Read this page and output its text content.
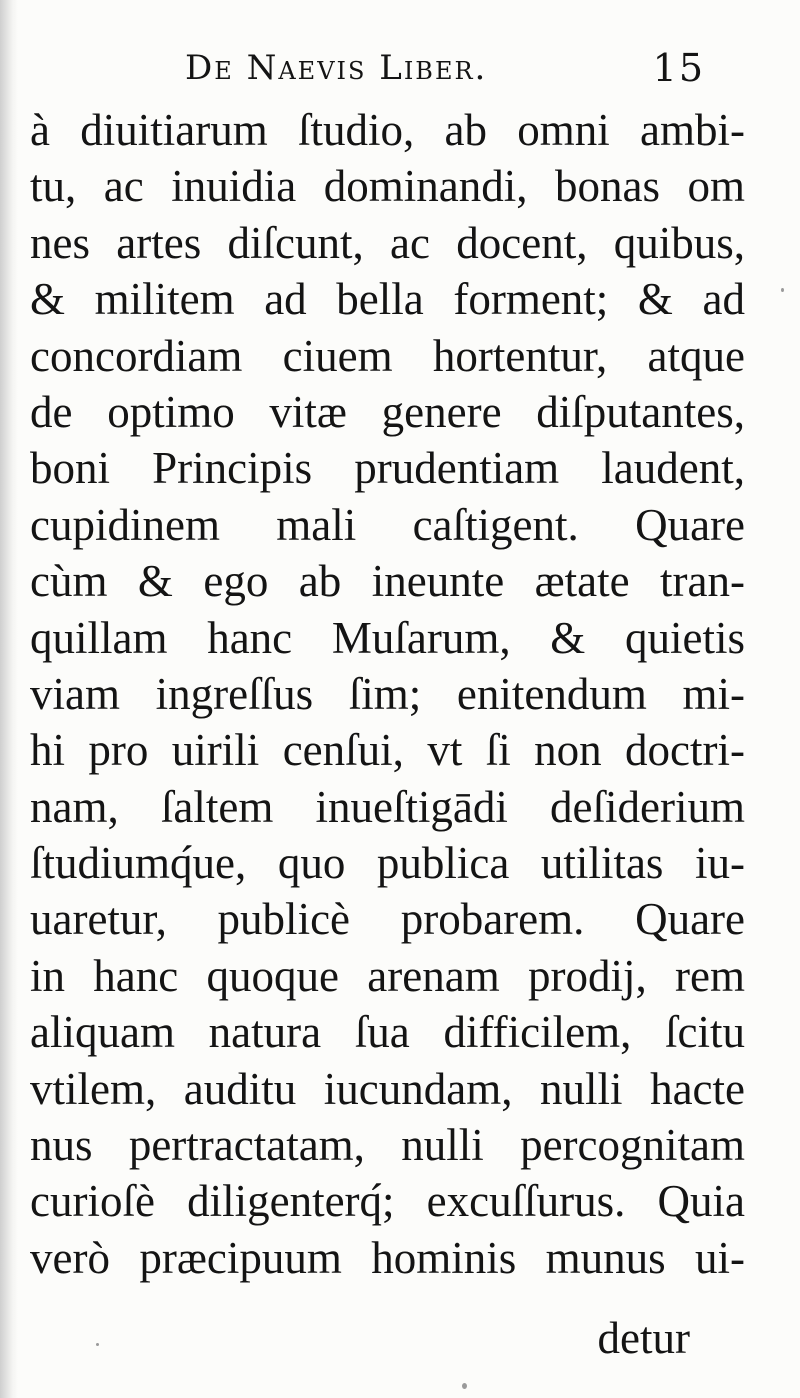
De Naevis Liber.	15
à diuitiarum ſtudio, ab omni ambi-
tu, ac inuidia dominandi, bonas om
nes artes diſcunt, ac docent, quibus,
& militem ad bella forment; & ad
concordiam ciuem hortentur, atque
de optimo vitæ genere diſputantes,
boni Principis prudentiam laudent,
cupidinem mali caſtigent. Quare
cùm & ego ab ineunte ætate tran-
quillam hanc Muſarum, & quietis
viam ingreſſus ſim; enitendum mi-
hi pro uirili cenſui, vt ſi non doctri-
nam, ſaltem inueſtigādi deſiderium
ſtudiumq́ue, quo publica utilitas iu-
uaretur, publicè probarem. Quare
in hanc quoque arenam prodij, rem
aliquam natura ſua difficilem, ſcitu
vtilem, auditu iucundam, nulli hacte
nus pertractatam, nulli percognitam
curioſè diligenterq́; excuſſurus. Quia
verò præcipuum hominis munus ui-
detur
